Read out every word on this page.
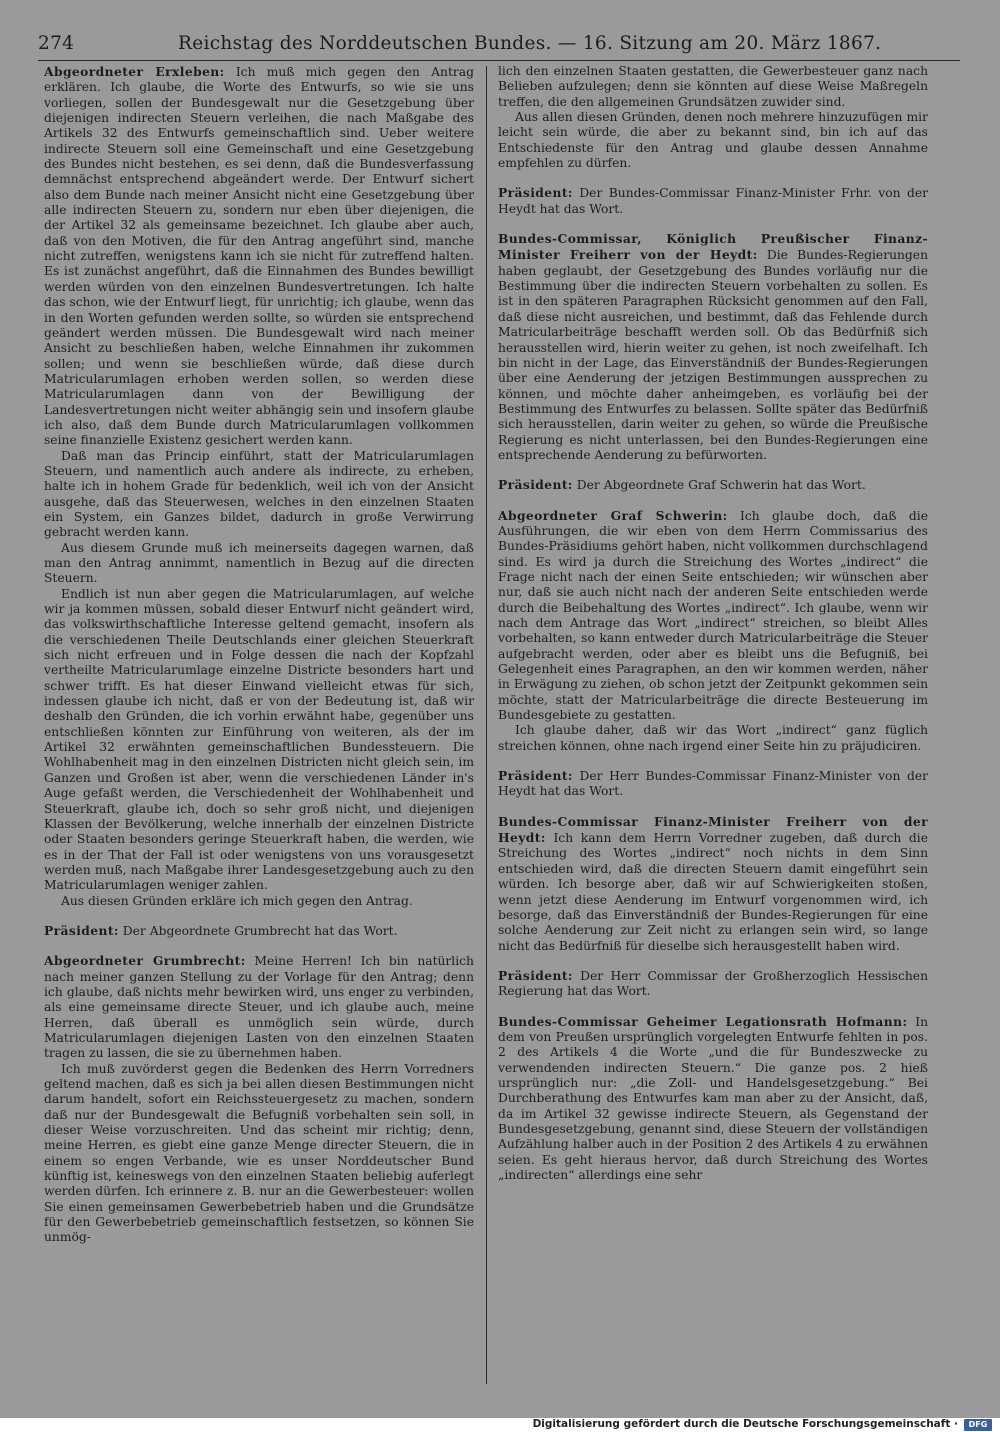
274	Reichstag des Norddeutschen Bundes. — 16. Sitzung am 20. März 1867.

Abgeordneter Erxleben: Ich muß mich gegen den Antrag erklären. Ich glaube, die Worte des Entwurfs, so wie sie uns vorliegen, sollen der Bundesgewalt nur die Gesetzgebung über diejenigen indirecten Steuern verleihen, die nach Maßgabe des Artikels 32 des Entwurfs gemeinschaftlich sind. Ueber weitere indirecte Steuern soll eine Gemeinschaft und eine Gesetzgebung des Bundes nicht bestehen, es sei denn, daß die Bundesverfassung demnächst entsprechend abgeändert werde. Der Entwurf sichert also dem Bunde nach meiner Ansicht nicht eine Gesetzgebung über alle indirecten Steuern zu, sondern nur eben über diejenigen, die der Artikel 32 als gemeinsame bezeichnet. Ich glaube aber auch, daß von den Motiven, die für den Antrag angeführt sind, manche nicht zutreffen, wenigstens kann ich sie nicht für zutreffend halten. Es ist zunächst angeführt, daß die Einnahmen des Bundes bewilligt werden würden von den einzelnen Bundesvertretungen. Ich halte das schon, wie der Entwurf liegt, für unrichtig; ich glaube, wenn das in den Worten gefunden werden sollte, so würden sie entsprechend geändert werden müssen. Die Bundesgewalt wird nach meiner Ansicht zu beschließen haben, welche Einnahmen ihr zukommen sollen; und wenn sie beschließen würde, daß diese durch Matricularumlagen erhoben werden sollen, so werden diese Matricularumlagen dann von der Bewilligung der Landesvertretungen nicht weiter abhängig sein und insofern glaube ich also, daß dem Bunde durch Matricularumlagen vollkommen seine finanzielle Existenz gesichert werden kann.

Daß man das Princip einführt, statt der Matricularumlagen Steuern, und namentlich auch andere als indirecte, zu erheben, halte ich in hohem Grade für bedenklich, weil ich von der Ansicht ausgehe, daß das Steuerwesen, welches in den einzelnen Staaten ein System, ein Ganzes bildet, dadurch in große Verwirrung gebracht werden kann.

Aus diesem Grunde muß ich meinerseits dagegen warnen, daß man den Antrag annimmt, namentlich in Bezug auf die directen Steuern.

Endlich ist nun aber gegen die Matricularumlagen, auf welche wir ja kommen müssen, sobald dieser Entwurf nicht geändert wird, das volkswirthschaftliche Interesse geltend gemacht, insofern als die verschiedenen Theile Deutschlands einer gleichen Steuerkraft sich nicht erfreuen und in Folge dessen die nach der Kopfzahl vertheilte Matricularumlage einzelne Districte besonders hart und schwer trifft. Es hat dieser Einwand vielleicht etwas für sich, indessen glaube ich nicht, daß er von der Bedeutung ist, daß wir deshalb den Gründen, die ich vorhin erwähnt habe, gegenüber uns entschließen könnten zur Einführung von weiteren, als der im Artikel 32 erwähnten gemeinschaftlichen Bundessteuern. Die Wohlhabenheit mag in den einzelnen Districten nicht gleich sein, im Ganzen und Großen ist aber, wenn die verschiedenen Länder in's Auge gefaßt werden, die Verschiedenheit der Wohlhabenheit und Steuerkraft, glaube ich, doch so sehr groß nicht, und diejenigen Klassen der Bevölkerung, welche innerhalb der einzelnen Districte oder Staaten besonders geringe Steuerkraft haben, die werden, wie es in der That der Fall ist oder wenigstens von uns vorausgesetzt werden muß, nach Maßgabe ihrer Landesgesetzgebung auch zu den Matricularumlagen weniger zahlen.

Aus diesen Gründen erkläre ich mich gegen den Antrag.

Präsident: Der Abgeordnete Grumbrecht hat das Wort.

Abgeordneter Grumbrecht: Meine Herren! Ich bin natürlich nach meiner ganzen Stellung zu der Vorlage für den Antrag; denn ich glaube, daß nichts mehr bewirken wird, uns enger zu verbinden, als eine gemeinsame directe Steuer, und ich glaube auch, meine Herren, daß überall es unmöglich sein würde, durch Matricularumlagen diejenigen Lasten von den einzelnen Staaten tragen zu lassen, die sie zu übernehmen haben.

Ich muß zuvörderst gegen die Bedenken des Herrn Vorredners geltend machen, daß es sich ja bei allen diesen Bestimmungen nicht darum handelt, sofort ein Reichssteuergesetz zu machen, sondern daß nur der Bundesgewalt die Befugniß vorbehalten sein soll, in dieser Weise vorzuschreiten. Und das scheint mir richtig; denn, meine Herren, es giebt eine ganze Menge directer Steuern, die in einem so engen Verbande, wie es unser Norddeutscher Bund künftig ist, keineswegs von den einzelnen Staaten beliebig auferlegt werden dürfen. Ich erinnere z. B. nur an die Gewerbesteuer: wollen Sie einen gemeinsamen Gewerbebetrieb haben und die Grundsätze für den Gewerbebetrieb gemeinschaftlich festsetzen, so können Sie unmög-

lich den einzelnen Staaten gestatten, die Gewerbesteuer ganz nach Belieben aufzulegen; denn sie könnten auf diese Weise Maßregeln treffen, die den allgemeinen Grundsätzen zuwider sind.

Aus allen diesen Gründen, denen noch mehrere hinzuzufügen mir leicht sein würde, die aber zu bekannt sind, bin ich auf das Entschiedenste für den Antrag und glaube dessen Annahme empfehlen zu dürfen.

Präsident: Der Bundes-Commissar Finanz-Minister Frhr. von der Heydt hat das Wort.

Bundes-Commissar, Königlich Preußischer Finanz-Minister Freiherr von der Heydt: Die Bundes-Regierungen haben geglaubt, der Gesetzgebung des Bundes vorläufig nur die Bestimmung über die indirecten Steuern vorbehalten zu sollen. Es ist in den späteren Paragraphen Rücksicht genommen auf den Fall, daß diese nicht ausreichen, und bestimmt, daß das Fehlende durch Matricularbeiträge beschafft werden soll. Ob das Bedürfniß sich herausstellen wird, hierin weiter zu gehen, ist noch zweifelhaft. Ich bin nicht in der Lage, das Einverständniß der Bundes-Regierungen über eine Aenderung der jetzigen Bestimmungen aussprechen zu können, und möchte daher anheimgeben, es vorläufig bei der Bestimmung des Entwurfes zu belassen. Sollte später das Bedürfniß sich herausstellen, darin weiter zu gehen, so würde die Preußische Regierung es nicht unterlassen, bei den Bundes-Regierungen eine entsprechende Aenderung zu befürworten.

Präsident: Der Abgeordnete Graf Schwerin hat das Wort.

Abgeordneter Graf Schwerin: Ich glaube doch, daß die Ausführungen, die wir eben von dem Herrn Commissarius des Bundes-Präsidiums gehört haben, nicht vollkommen durchschlagend sind. Es wird ja durch die Streichung des Wortes „indirect“ die Frage nicht nach der einen Seite entschieden; wir wünschen aber nur, daß sie auch nicht nach der anderen Seite entschieden werde durch die Beibehaltung des Wortes „indirect“. Ich glaube, wenn wir nach dem Antrage das Wort „indirect“ streichen, so bleibt Alles vorbehalten, so kann entweder durch Matricularbeiträge die Steuer aufgebracht werden, oder aber es bleibt uns die Befugniß, bei Gelegenheit eines Paragraphen, an den wir kommen werden, näher in Erwägung zu ziehen, ob schon jetzt der Zeitpunkt gekommen sein möchte, statt der Matricularbeiträge die directe Besteuerung im Bundesgebiete zu gestatten.

Ich glaube daher, daß wir das Wort „indirect“ ganz füglich streichen können, ohne nach irgend einer Seite hin zu präjudiciren.

Präsident: Der Herr Bundes-Commissar Finanz-Minister von der Heydt hat das Wort.

Bundes-Commissar Finanz-Minister Freiherr von der Heydt: Ich kann dem Herrn Vorredner zugeben, daß durch die Streichung des Wortes „indirect“ noch nichts in dem Sinn entschieden wird, daß die directen Steuern damit eingeführt sein würden. Ich besorge aber, daß wir auf Schwierigkeiten stoßen, wenn jetzt diese Aenderung im Entwurf vorgenommen wird, ich besorge, daß das Einverständniß der Bundes-Regierungen für eine solche Aenderung zur Zeit nicht zu erlangen sein wird, so lange nicht das Bedürfniß für dieselbe sich herausgestellt haben wird.

Präsident: Der Herr Commissar der Großherzoglich Hessischen Regierung hat das Wort.

Bundes-Commissar Geheimer Legationsrath Hofmann: In dem von Preußen ursprünglich vorgelegten Entwurfe fehlten in pos. 2 des Artikels 4 die Worte „und die für Bundeszwecke zu verwendenden indirecten Steuern.“ Die ganze pos. 2 hieß ursprünglich nur: „die Zoll- und Handelsgesetzgebung.“ Bei Durchberathung des Entwurfes kam man aber zu der Ansicht, daß, da im Artikel 32 gewisse indirecte Steuern, als Gegenstand der Bundesgesetzgebung, genannt sind, diese Steuern der vollständigen Aufzählung halber auch in der Position 2 des Artikels 4 zu erwähnen seien. Es geht hieraus hervor, daß durch Streichung des Wortes „indirecten“ allerdings eine sehr

Digitalisierung gefördert durch die Deutsche Forschungsgemeinschaft ·	DFG
